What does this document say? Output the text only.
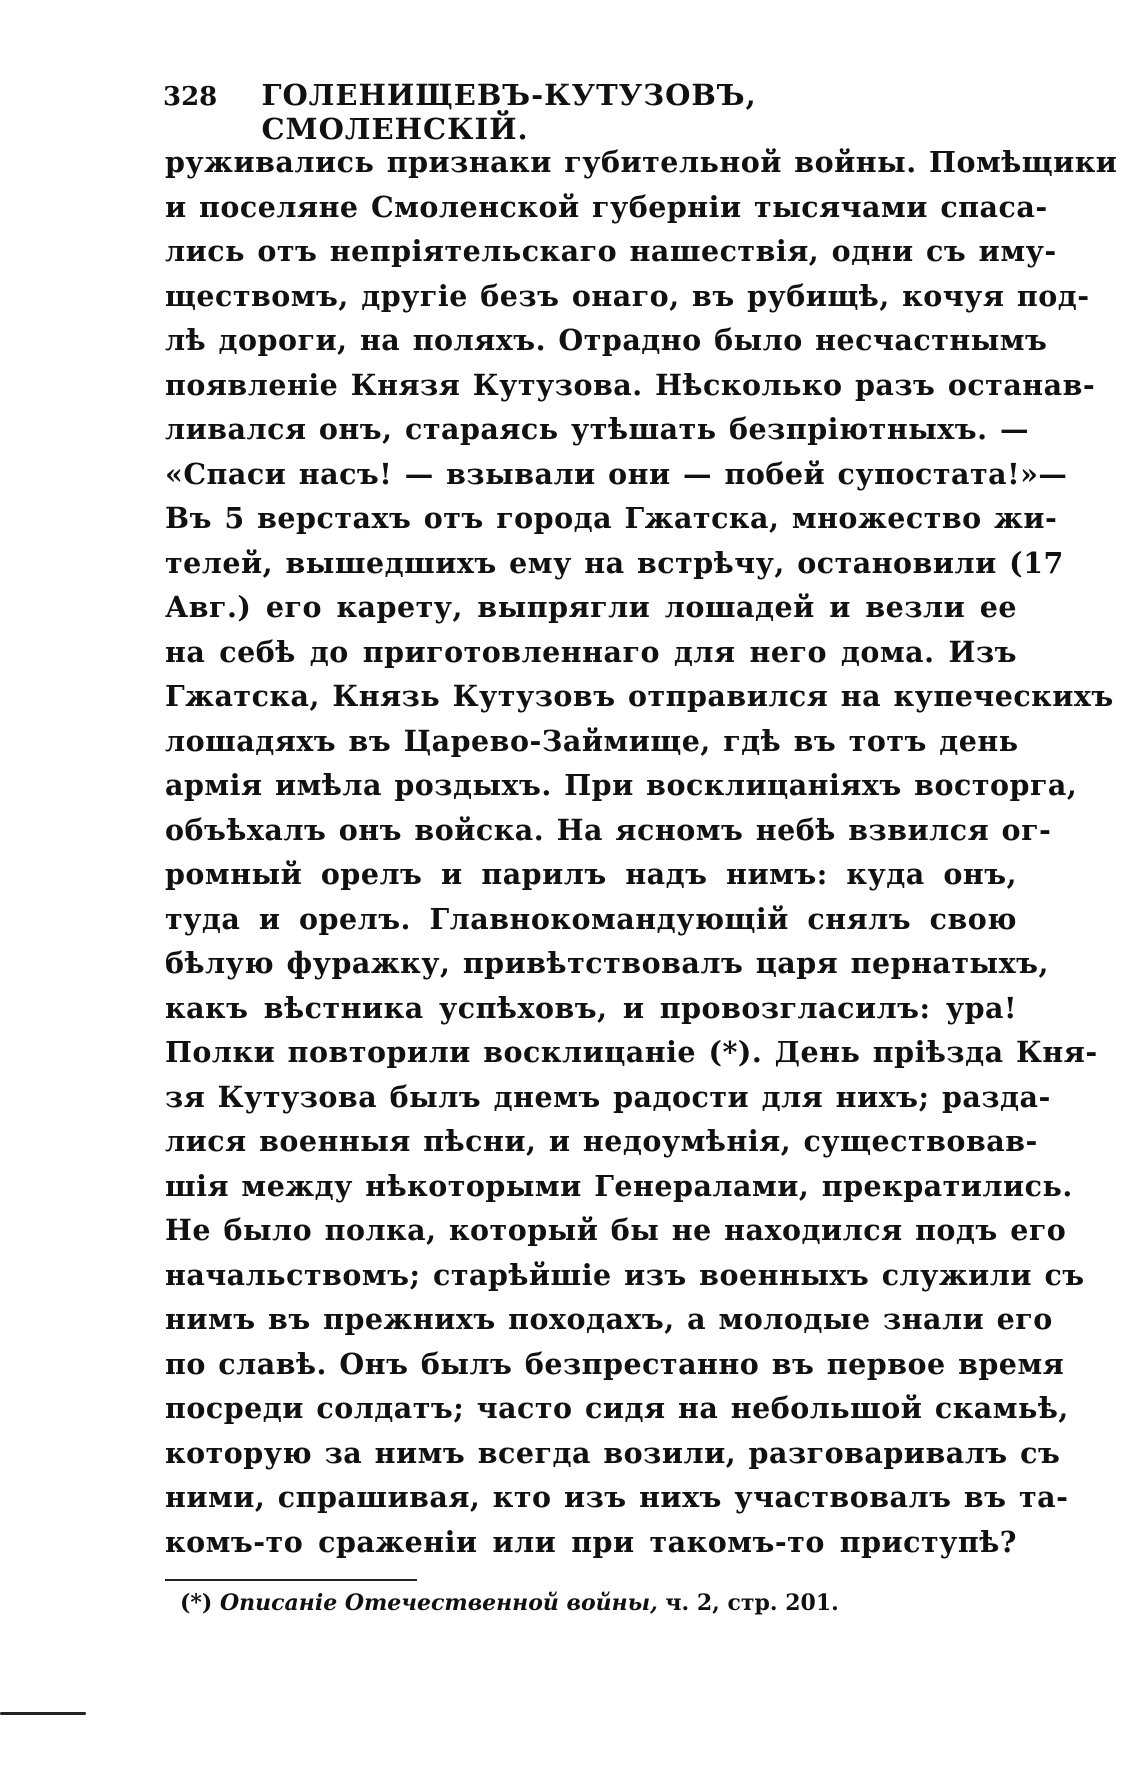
328	ГОЛЕНИЩЕВЪ-КУТУЗОВЪ, СМОЛЕНСКІЙ.
руживались признаки губительной войны. Помѣщики
и поселяне Смоленской губерніи тысячами спаса-
лись отъ непріятельскаго нашествія, одни съ иму-
ществомъ, другіе безъ онаго, въ рубищѣ, кочуя под-
лѣ дороги, на поляхъ. Отрадно было несчастнымъ
появленіе Князя Кутузова. Нѣсколько разъ останав-
ливался онъ, стараясь утѣшать безпріютныхъ. —
«Спаси насъ! — взывали они — побей супостата!»—
Въ 5 верстахъ отъ города Гжатска, множество жи-
телей, вышедшихъ ему на встрѣчу, остановили (17
Авг.) его карету, выпрягли лошадей и везли ее
на себѣ до приготовленнаго для него дома. Изъ
Гжатска, Князь Кутузовъ отправился на купеческихъ
лошадяхъ въ Царево-Займище, гдѣ въ тотъ день
армія имѣла роздыхъ. При восклицаніяхъ восторга,
объѣхалъ онъ войска. На ясномъ небѣ взвился ог-
ромный орелъ и парилъ надъ нимъ: куда онъ,
туда и орелъ. Главнокомандующій снялъ свою
бѣлую фуражку, привѣтствовалъ царя пернатыхъ,
какъ вѣстника успѣховъ, и провозгласилъ: ура!
Полки повторили восклицаніе (*). День пріѣзда Кня-
зя Кутузова былъ днемъ радости для нихъ; разда-
лися военныя пѣсни, и недоумѣнія, существовав-
шія между нѣкоторыми Генералами, прекратились.
Не было полка, который бы не находился подъ его
начальствомъ; старѣйшіе изъ военныхъ служили съ
нимъ въ прежнихъ походахъ, а молодые знали его
по славѣ. Онъ былъ безпрестанно въ первое время
посреди солдатъ; часто сидя на небольшой скамьѣ,
которую за нимъ всегда возили, разговаривалъ съ
ними, спрашивая, кто изъ нихъ участвовалъ въ та-
комъ-то сраженіи или при такомъ-то приступѣ?
(*) Описаніе Отечественной войны, ч. 2, стр. 201.
